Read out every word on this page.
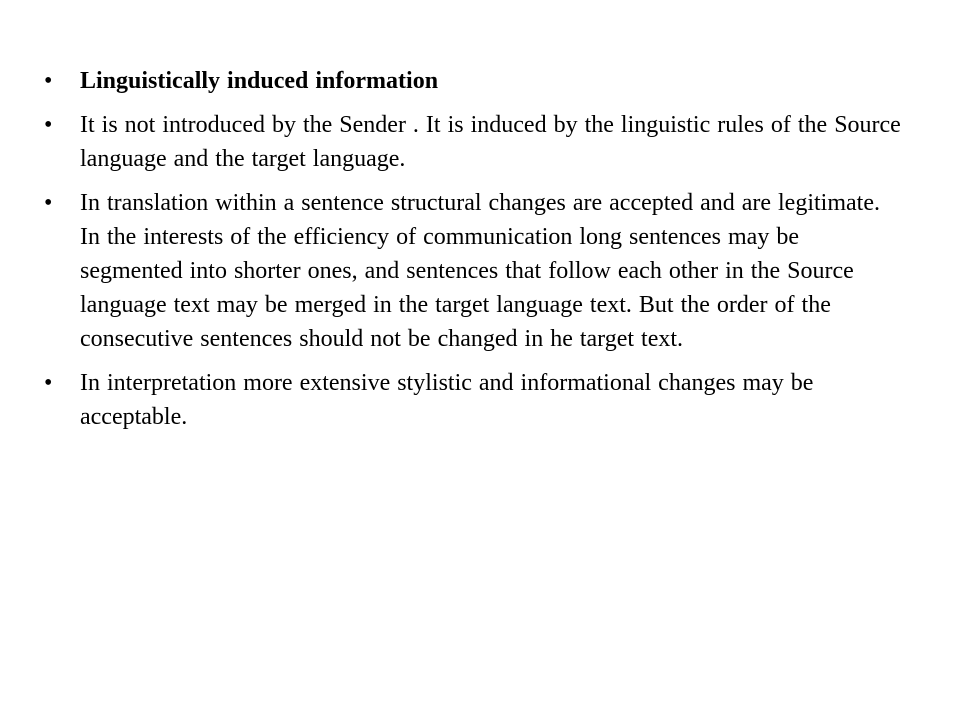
•	Linguistically induced information
•	It is not introduced by the Sender . It is induced by the linguistic rules of the Source language and the target language.
•	In translation within a sentence structural changes are accepted and are legitimate. In the interests of the efficiency of communication long sentences may be segmented into shorter ones, and sentences that follow each other in the Source language text may be merged in the target language text. But the order of the consecutive sentences should not be changed in he target text.
•	In interpretation more extensive stylistic and informational changes may be acceptable.
